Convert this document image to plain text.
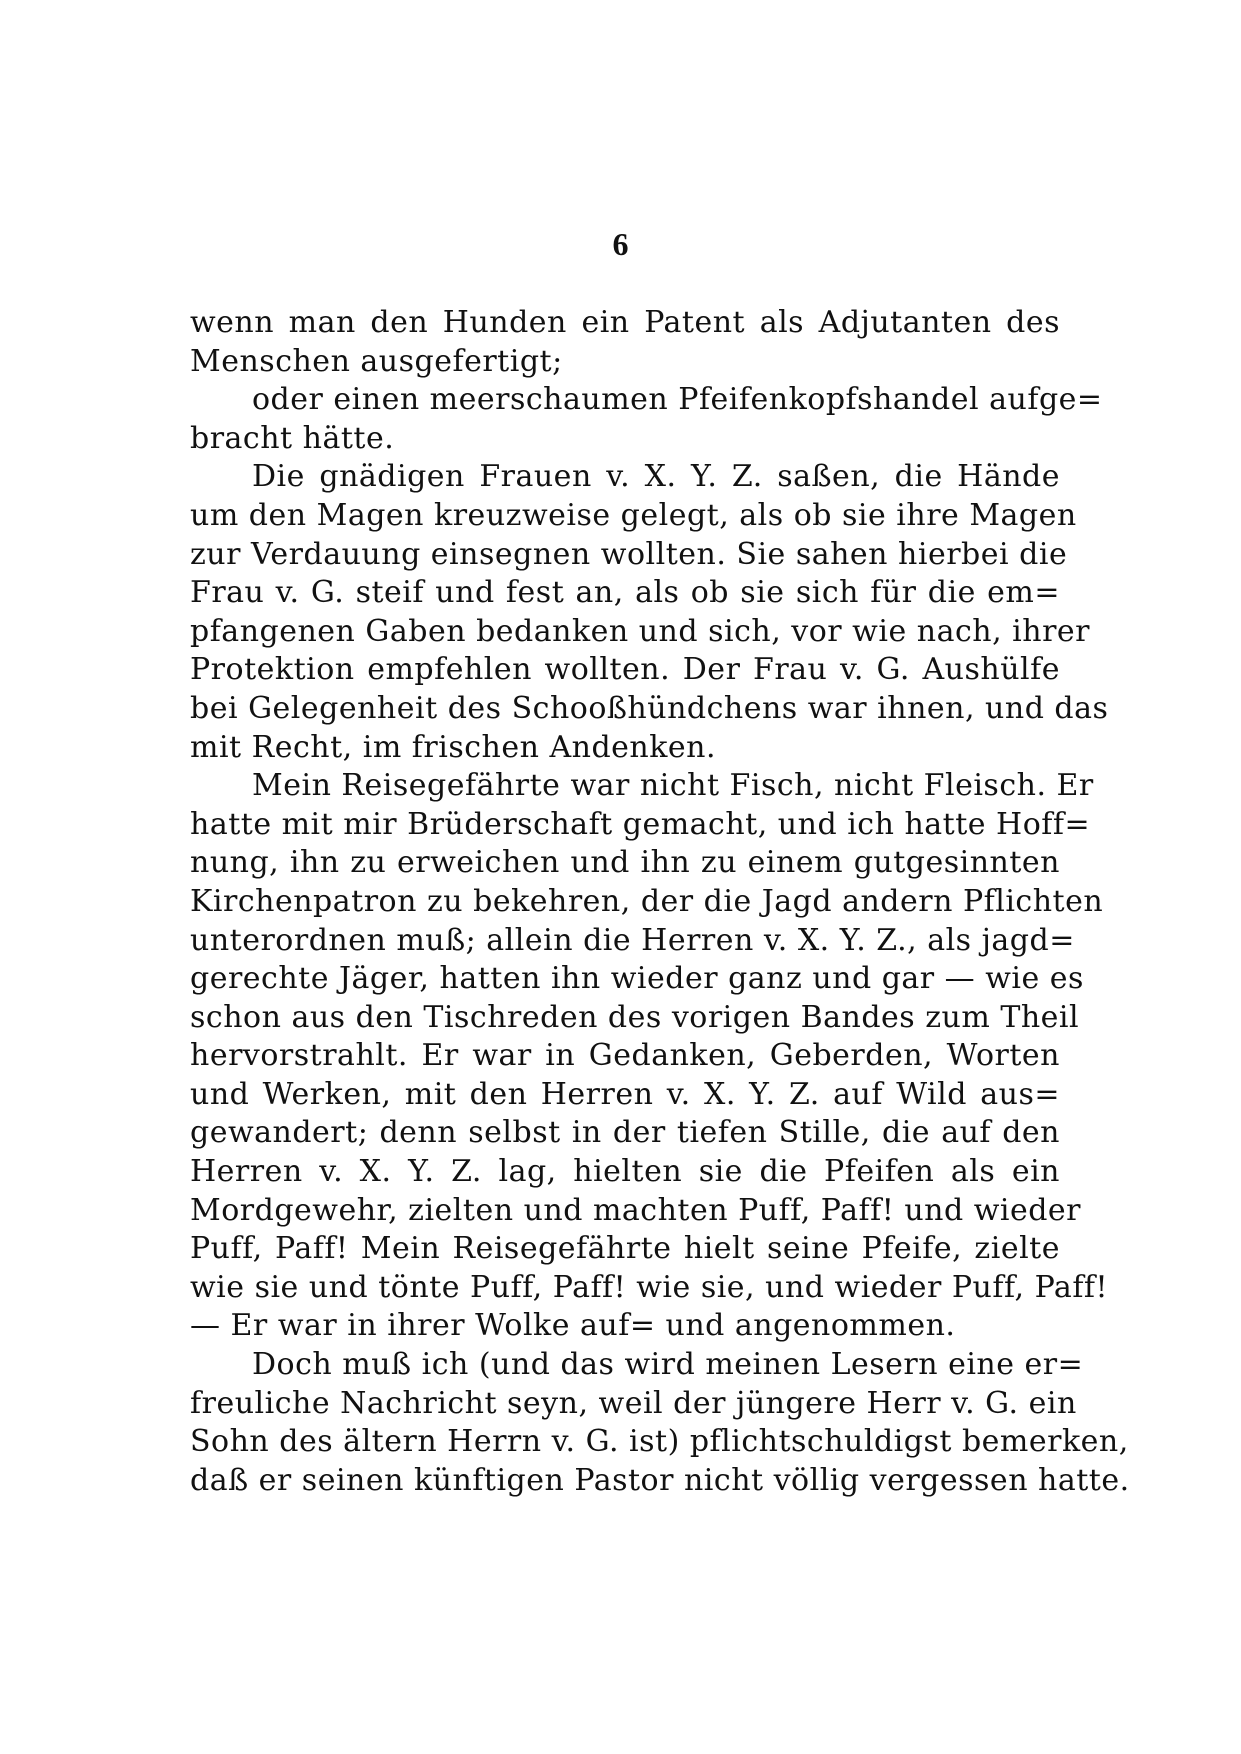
6
wenn man den Hunden ein Patent als Adjutanten des
Menschen ausgefertigt;
oder einen meerschaumen Pfeifenkopfshandel aufge=
bracht hätte.
Die gnädigen Frauen v. X. Y. Z. saßen, die Hände
um den Magen kreuzweise gelegt, als ob sie ihre Magen
zur Verdauung einsegnen wollten. Sie sahen hierbei die
Frau v. G. steif und fest an, als ob sie sich für die em=
pfangenen Gaben bedanken und sich, vor wie nach, ihrer
Protektion empfehlen wollten. Der Frau v. G. Aushülfe
bei Gelegenheit des Schooßhündchens war ihnen, und das
mit Recht, im frischen Andenken.
Mein Reisegefährte war nicht Fisch, nicht Fleisch. Er
hatte mit mir Brüderschaft gemacht, und ich hatte Hoff=
nung, ihn zu erweichen und ihn zu einem gutgesinnten
Kirchenpatron zu bekehren, der die Jagd andern Pflichten
unterordnen muß; allein die Herren v. X. Y. Z., als jagd=
gerechte Jäger, hatten ihn wieder ganz und gar — wie es
schon aus den Tischreden des vorigen Bandes zum Theil
hervorstrahlt. Er war in Gedanken, Geberden, Worten
und Werken, mit den Herren v. X. Y. Z. auf Wild aus=
gewandert; denn selbst in der tiefen Stille, die auf den
Herren v. X. Y. Z. lag, hielten sie die Pfeifen als ein
Mordgewehr, zielten und machten Puff, Paff! und wieder
Puff, Paff! Mein Reisegefährte hielt seine Pfeife, zielte
wie sie und tönte Puff, Paff! wie sie, und wieder Puff, Paff!
— Er war in ihrer Wolke auf= und angenommen.
Doch muß ich (und das wird meinen Lesern eine er=
freuliche Nachricht seyn, weil der jüngere Herr v. G. ein
Sohn des ältern Herrn v. G. ist) pflichtschuldigst bemerken,
daß er seinen künftigen Pastor nicht völlig vergessen hatte.
